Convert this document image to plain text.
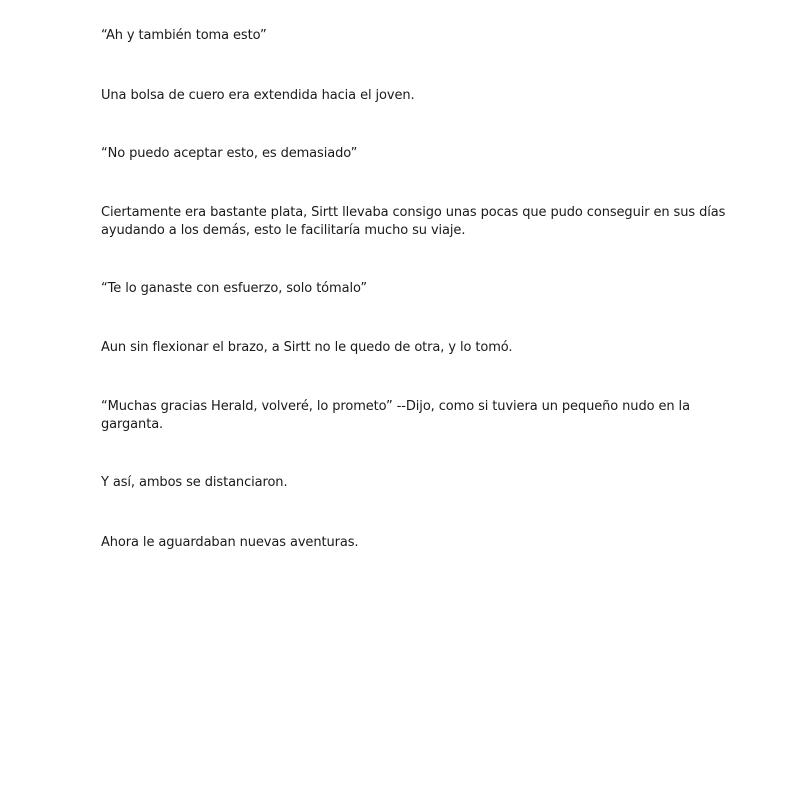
“Ah y también toma esto”

Una bolsa de cuero era extendida hacia el joven.

“No puedo aceptar esto, es demasiado”

Ciertamente era bastante plata, Sirtt llevaba consigo unas pocas que pudo conseguir en sus días
ayudando a los demás, esto le facilitaría mucho su viaje.

“Te lo ganaste con esfuerzo, solo tómalo”

Aun sin flexionar el brazo, a Sirtt no le quedo de otra, y lo tomó.

“Muchas gracias Herald, volveré, lo prometo” --Dijo, como si tuviera un pequeño nudo en la
garganta.

Y así, ambos se distanciaron.

Ahora le aguardaban nuevas aventuras.
